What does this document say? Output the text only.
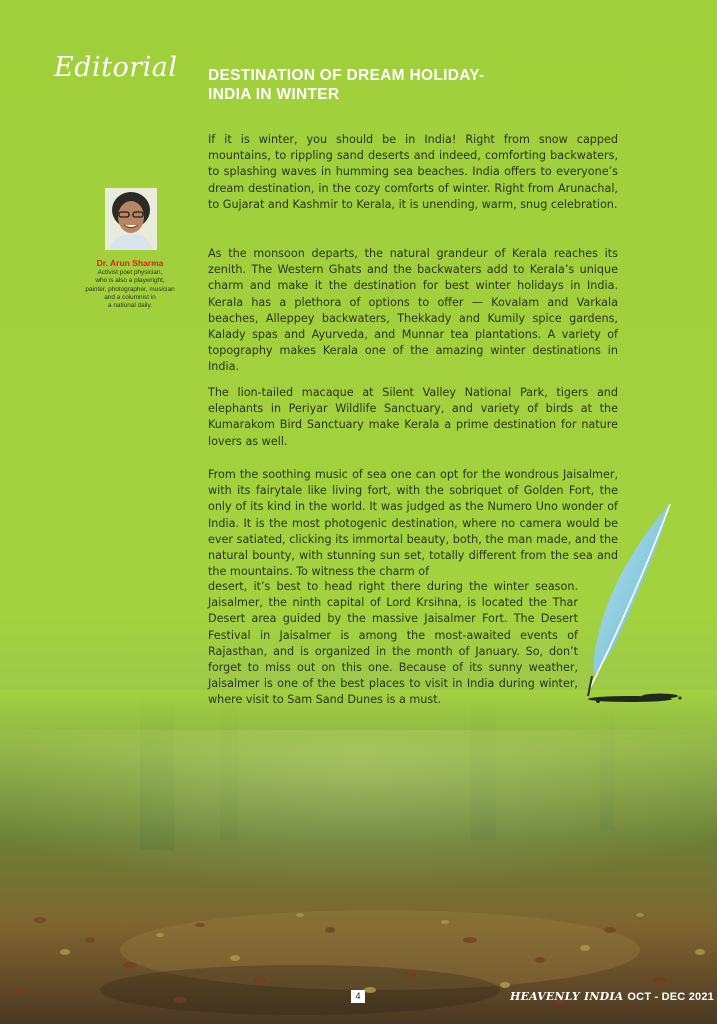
Editorial DESTINATION OF DREAM HOLIDAY-
INDIA IN WINTER
Dr. Arun Sharma
Activist poet physician,
who is also a playwright,
painter, photographer, musician
and a columnist in
a national daily.

If it is winter, you should be in India! Right from snow capped mountains, to rippling sand deserts and indeed, comforting backwaters, to splashing waves in humming sea beaches. India offers to everyone’s dream destination, in the cozy comforts of winter. Right from Arunachal, to Gujarat and Kashmir to Kerala, it is unending, warm, snug celebration.

As the monsoon departs, the natural grandeur of Kerala reaches its zenith. The Western Ghats and the backwaters add to Kerala’s unique charm and make it the destination for best winter holidays in India. Kerala has a plethora of options to offer — Kovalam and Varkala beaches, Alleppey backwaters, Thekkady and Kumily spice gardens, Kalady spas and Ayurveda, and Munnar tea plantations. A variety of topography makes Kerala one of the amazing winter destinations in India.

The lion-tailed macaque at Silent Valley National Park, tigers and elephants in Periyar Wildlife Sanctuary, and variety of birds at the Kumarakom Bird Sanctuary make Kerala a prime destination for nature lovers as well.

From the soothing music of sea one can opt for the wondrous Jaisalmer, with its fairytale like living fort, with the sobriquet of Golden Fort, the only of its kind in the world. It was judged as the Numero Uno wonder of India. It is the most photogenic destination, where no camera would be ever satiated, clicking its immortal beauty, both, the man made, and the natural bounty, with stunning sun set, totally different from the sea and the mountains. To witness the charm of

desert, it’s best to head right there during the winter season. Jaisalmer, the ninth capital of Lord Krsihna, is located the Thar Desert area guided by the massive Jaisalmer Fort. The Desert Festival in Jaisalmer is among the most-awaited events of Rajasthan, and is organized in the month of January. So, don’t forget to miss out on this one. Because of its sunny weather, Jaisalmer is one of the best places to visit in India during winter, where visit to Sam Sand Dunes is a must.

4	HEAVENLY INDIA OCT - DEC 2021
